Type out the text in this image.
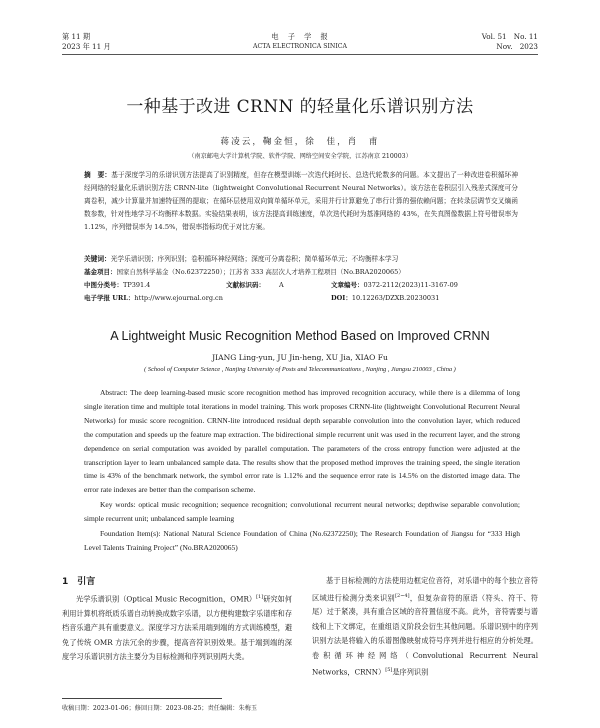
第 11 期
2023 年 11 月
电　子　学　报
ACTA ELECTRONICA SINICA
Vol. 51　No. 11
Nov.　2023
一种基于改进 CRNN 的轻量化乐谱识别方法
蒋凌云，鞠金恒，徐　佳，肖　甫
（南京邮电大学计算机学院、软件学院、网络空间安全学院，江苏南京 210003）
摘　要：基于深度学习的乐谱识别方法提高了识别精度，但存在模型训练一次迭代耗时长、总迭代轮数多的问题。本文提出了一种改进卷积循环神经网络的轻量化乐谱识别方法 CRNN-lite（lightweight Convolutional Recurrent Neural Networks）。该方法在卷积层引入残差式深度可分离卷积，减少计算量并加速特征图的提取；在循环层使用双向简单循环单元，采用并行计算避免了串行计算的强依赖问题；在转录层调节交叉熵函数参数，针对性地学习不均衡样本数据。实验结果表明，该方法提高训练速度，单次迭代耗时为基准网络的 43%，在失真图像数据上符号错误率为 1.12%，序列错误率为 14.5%，错误率指标均优于对比方案。
关键词：光学乐谱识别；序列识别；卷积循环神经网络；深度可分离卷积；简单循环单元；不均衡样本学习
基金项目：国家自然科学基金（No.62372250）；江苏省 333 高层次人才培养工程项目（No.BRA2020065）
中图分类号：TP391.4	文献标识码： A	文章编号：0372-2112(2023)11-3167-09
电子学报 URL：http://www.ejournal.org.cn	DOI：10.12263/DZXB.20230031
A Lightweight Music Recognition Method Based on Improved CRNN
JIANG Ling-yun, JU Jin-heng, XU Jia, XIAO Fu
( School of Computer Science , Nanjing University of Posts and Telecommunications , Nanjing , Jiangsu 210003 , China )
Abstract: The deep learning-based music score recognition method has improved recognition accuracy, while there is a dilemma of long single iteration time and multiple total iterations in model training. This work proposes CRNN-lite (lightweight Convolutional Recurrent Neural Networks) for music score recognition. CRNN-lite introduced residual depth separable convolution into the convolution layer, which reduced the computation and speeds up the feature map extraction. The bidirectional simple recurrent unit was used in the recurrent layer, and the strong dependence on serial computation was avoided by parallel computation. The parameters of the cross entropy function were adjusted at the transcription layer to learn unbalanced sample data. The results show that the proposed method improves the training speed, the single iteration time is 43% of the benchmark network, the symbol error rate is 1.12% and the sequence error rate is 14.5% on the distorted image data. The error rate indexes are better than the comparison scheme.
Key words: optical music recognition; sequence recognition; convolutional recurrent neural networks; depthwise separable convolution; simple recurrent unit; unbalanced sample learning
Foundation Item(s): National Natural Science Foundation of China (No.62372250); The Research Foundation of Jiangsu for “333 High Level Talents Training Project” (No.BRA2020065)
1　引言
光学乐谱识别（Optical Music Recognition，OMR）[1]研究如何利用计算机将纸质乐谱自动转换成数字乐谱，以方便构建数字乐谱库和存档音乐遗产具有重要意义。深度学习方法采用端到端的方式训练模型，避免了传统 OMR 方法冗余的步骤，提高音符识别效果。基于端到端的深度学习乐谱识别方法主要分为目标检测和序列识别两大类。
基于目标检测的方法使用边框定位音符，对乐谱中的每个独立音符区域进行检测分类来识别[2~4]，但复杂音符的原语（符头、符干、符尾）过于紧凑，具有重合区域的音符置信度不高。此外，音符需要与谱线和上下文绑定，在重组语义阶段会衍生其他问题。乐谱识别中的序列识别方法是将输入的乐谱图像映射成符号序列并进行相应的分析处理。卷积循环神经网络（Convolutional Recurrent Neural Networks，CRNN）[5]是序列识别
收稿日期：2023-01-06；修回日期：2023-08-25；责任编辑：朱梅玉
